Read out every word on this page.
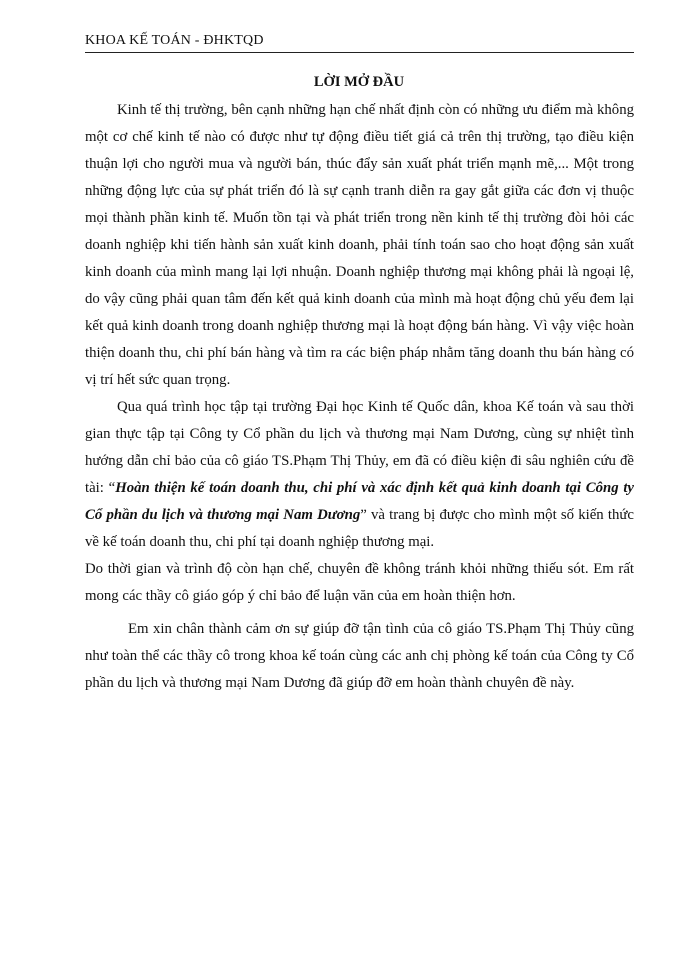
KHOA KẾ TOÁN - ĐHKTQD
LỜI MỞ ĐẦU

Kinh tế thị trường, bên cạnh những hạn chế nhất định còn có những ưu điểm mà không một cơ chế kinh tế nào có được như tự động điều tiết giá cả trên thị trường, tạo điều kiện thuận lợi cho người mua và người bán, thúc đẩy sản xuất phát triển mạnh mẽ,... Một trong những động lực của sự phát triển đó là sự cạnh tranh diễn ra gay gắt giữa các đơn vị thuộc mọi thành phần kinh tế. Muốn tồn tại và phát triển trong nền kinh tế thị trường đòi hỏi các doanh nghiệp khi tiến hành sản xuất kinh doanh, phải tính toán sao cho hoạt động sản xuất kinh doanh của mình mang lại lợi nhuận. Doanh nghiệp thương mại không phải là ngoại lệ, do vậy cũng phải quan tâm đến kết quả kinh doanh của mình mà hoạt động chủ yếu đem lại kết quả kinh doanh trong doanh nghiệp thương mại là hoạt động bán hàng. Vì vậy việc hoàn thiện doanh thu, chi phí bán hàng và tìm ra các biện pháp nhằm tăng doanh thu bán hàng có vị trí hết sức quan trọng.

Qua quá trình học tập tại trường Đại học Kinh tế Quốc dân, khoa Kế toán và sau thời gian thực tập tại Công ty Cổ phần du lịch và thương mại Nam Dương, cùng sự nhiệt tình hướng dẫn chỉ bảo của cô giáo TS.Phạm Thị Thủy, em đã có điều kiện đi sâu nghiên cứu đề tài: “Hoàn thiện kế toán doanh thu, chi phí và xác định kết quả kinh doanh tại Công ty Cổ phần du lịch và thương mại Nam Dương” và trang bị được cho mình một số kiến thức về kế toán doanh thu, chi phí tại doanh nghiệp thương mại.

Do thời gian và trình độ còn hạn chế, chuyên đề không tránh khỏi những thiếu sót. Em rất mong các thầy cô giáo góp ý chỉ bảo để luận văn của em hoàn thiện hơn.

Em xin chân thành cảm ơn sự giúp đỡ tận tình của cô giáo TS.Phạm Thị Thủy cũng như toàn thể các thầy cô trong khoa kế toán cùng các anh chị phòng kế toán của Công ty Cổ phần du lịch và thương mại Nam Dương đã giúp đỡ em hoàn thành chuyên đề này.
